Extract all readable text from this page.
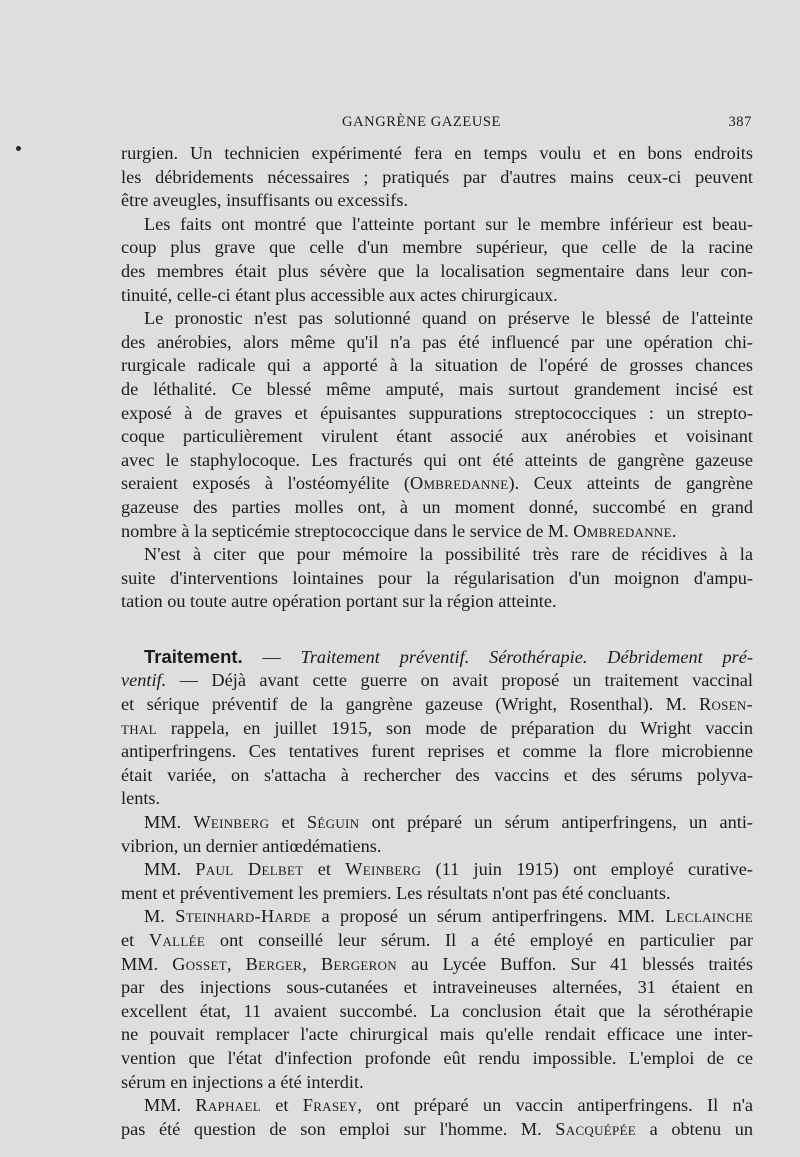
GANGRÈNE GAZEUSE	387

rurgien. Un technicien expérimenté fera en temps voulu et en bons endroits

les débridements nécessaires ; pratiqués par d'autres mains ceux-ci peuvent

être aveugles, insuffisants ou excessifs.

Les faits ont montré que l'atteinte portant sur le membre inférieur est beau-

coup plus grave que celle d'un membre supérieur, que celle de la racine

des membres était plus sévère que la localisation segmentaire dans leur con-

tinuité, celle-ci étant plus accessible aux actes chirurgicaux.

Le pronostic n'est pas solutionné quand on préserve le blessé de l'atteinte

des anérobies, alors même qu'il n'a pas été influencé par une opération chi-

rurgicale radicale qui a apporté à la situation de l'opéré de grosses chances

de léthalité. Ce blessé même amputé, mais surtout grandement incisé est

exposé à de graves et épuisantes suppurations streptococciques : un strepto-

coque particulièrement virulent étant associé aux anérobies et voisinant

avec le staphylocoque. Les fracturés qui ont été atteints de gangrène gazeuse

seraient exposés à l'ostéomyélite (Ombredanne). Ceux atteints de gangrène

gazeuse des parties molles ont, à un moment donné, succombé en grand

nombre à la septicémie streptococcique dans le service de M. Ombredanne.

N'est à citer que pour mémoire la possibilité très rare de récidives à la

suite d'interventions lointaines pour la régularisation d'un moignon d'ampu-

tation ou toute autre opération portant sur la région atteinte.

Traitement. — Traitement préventif. Sérothérapie. Débridement pré-

ventif. — Déjà avant cette guerre on avait proposé un traitement vaccinal

et sérique préventif de la gangrène gazeuse (Wright, Rosenthal). M. Rosen-

thal rappela, en juillet 1915, son mode de préparation du Wright vaccin

antiperfringens. Ces tentatives furent reprises et comme la flore microbienne

était variée, on s'attacha à rechercher des vaccins et des sérums polyva-

lents.

MM. Weinberg et Séguin ont préparé un sérum antiperfringens, un anti-

vibrion, un dernier antiœdématiens.

MM. Paul Delbet et Weinberg (11 juin 1915) ont employé curative-

ment et préventivement les premiers. Les résultats n'ont pas été concluants.

M. Steinhard-Harde a proposé un sérum antiperfringens. MM. Leclainche

et Vallée ont conseillé leur sérum. Il a été employé en particulier par

MM. Gosset, Berger, Bergeron au Lycée Buffon. Sur 41 blessés traités

par des injections sous-cutanées et intraveineuses alternées, 31 étaient en

excellent état, 11 avaient succombé. La conclusion était que la sérothérapie

ne pouvait remplacer l'acte chirurgical mais qu'elle rendait efficace une inter-

vention que l'état d'infection profonde eût rendu impossible. L'emploi de ce

sérum en injections a été interdit.

MM. Raphael et Frasey, ont préparé un vaccin antiperfringens. Il n'a

pas été question de son emploi sur l'homme. M. Sacquépée a obtenu un
